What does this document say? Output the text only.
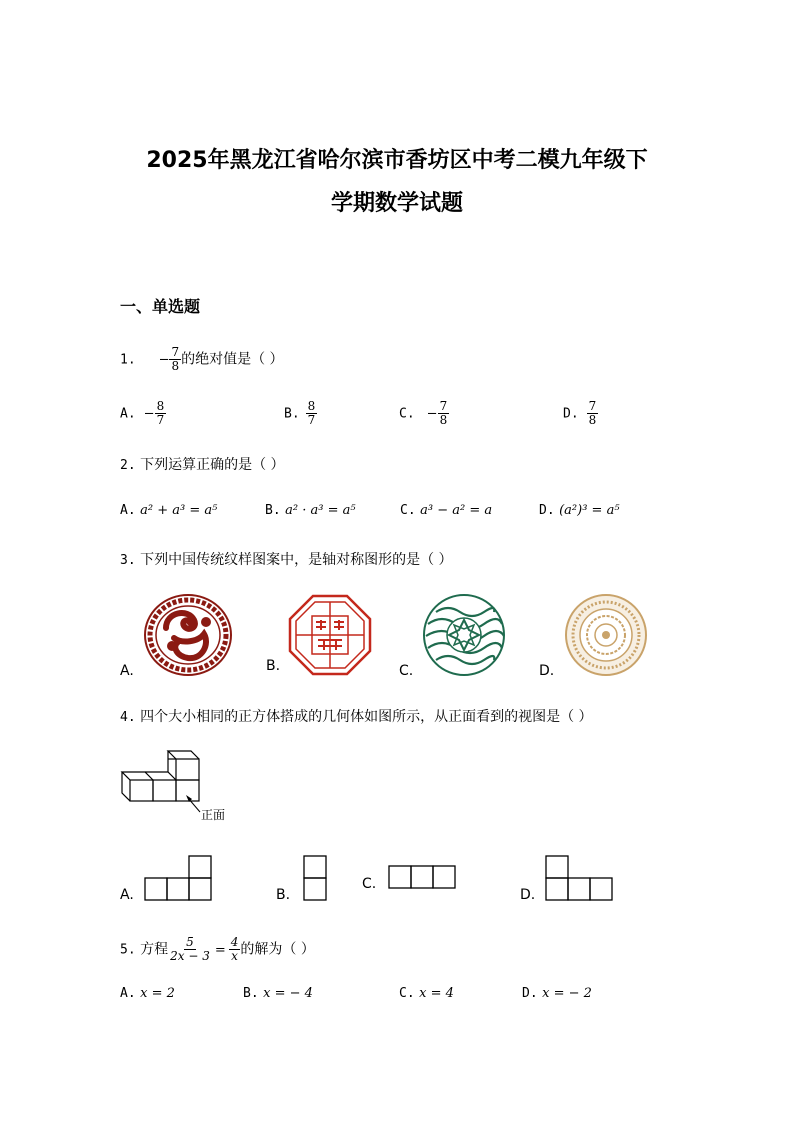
2025年黑龙江省哈尔滨市香坊区中考二模九年级下
学期数学试题
一、单选题
1. − $\frac{7}{8}$ 的绝对值是（ ）
A. − $\frac{8}{7}$	B. $\frac{8}{7}$	C. − $\frac{7}{8}$	D. $\frac{7}{8}$
2. 下列运算正确的是（ ）
A. a² + a³ = a⁵	B. a² · a³ = a⁵	C. a³ − a² = a	D. (a²)³ = a⁵
3. 下列中国传统纹样图案中，是轴对称图形的是（ ）
A.	B.	C.	D.
4. 四个大小相同的正方体搭成的几何体如图所示，从正面看到的视图是（ ）
正面
A.	B.
C.
D.
5. 方程 $\frac{5}{2x - 3} = \frac{4}{x}$ 的解为（ ）
A. x = 2	B. x = − 4	C. x = 4	D. x = − 2
